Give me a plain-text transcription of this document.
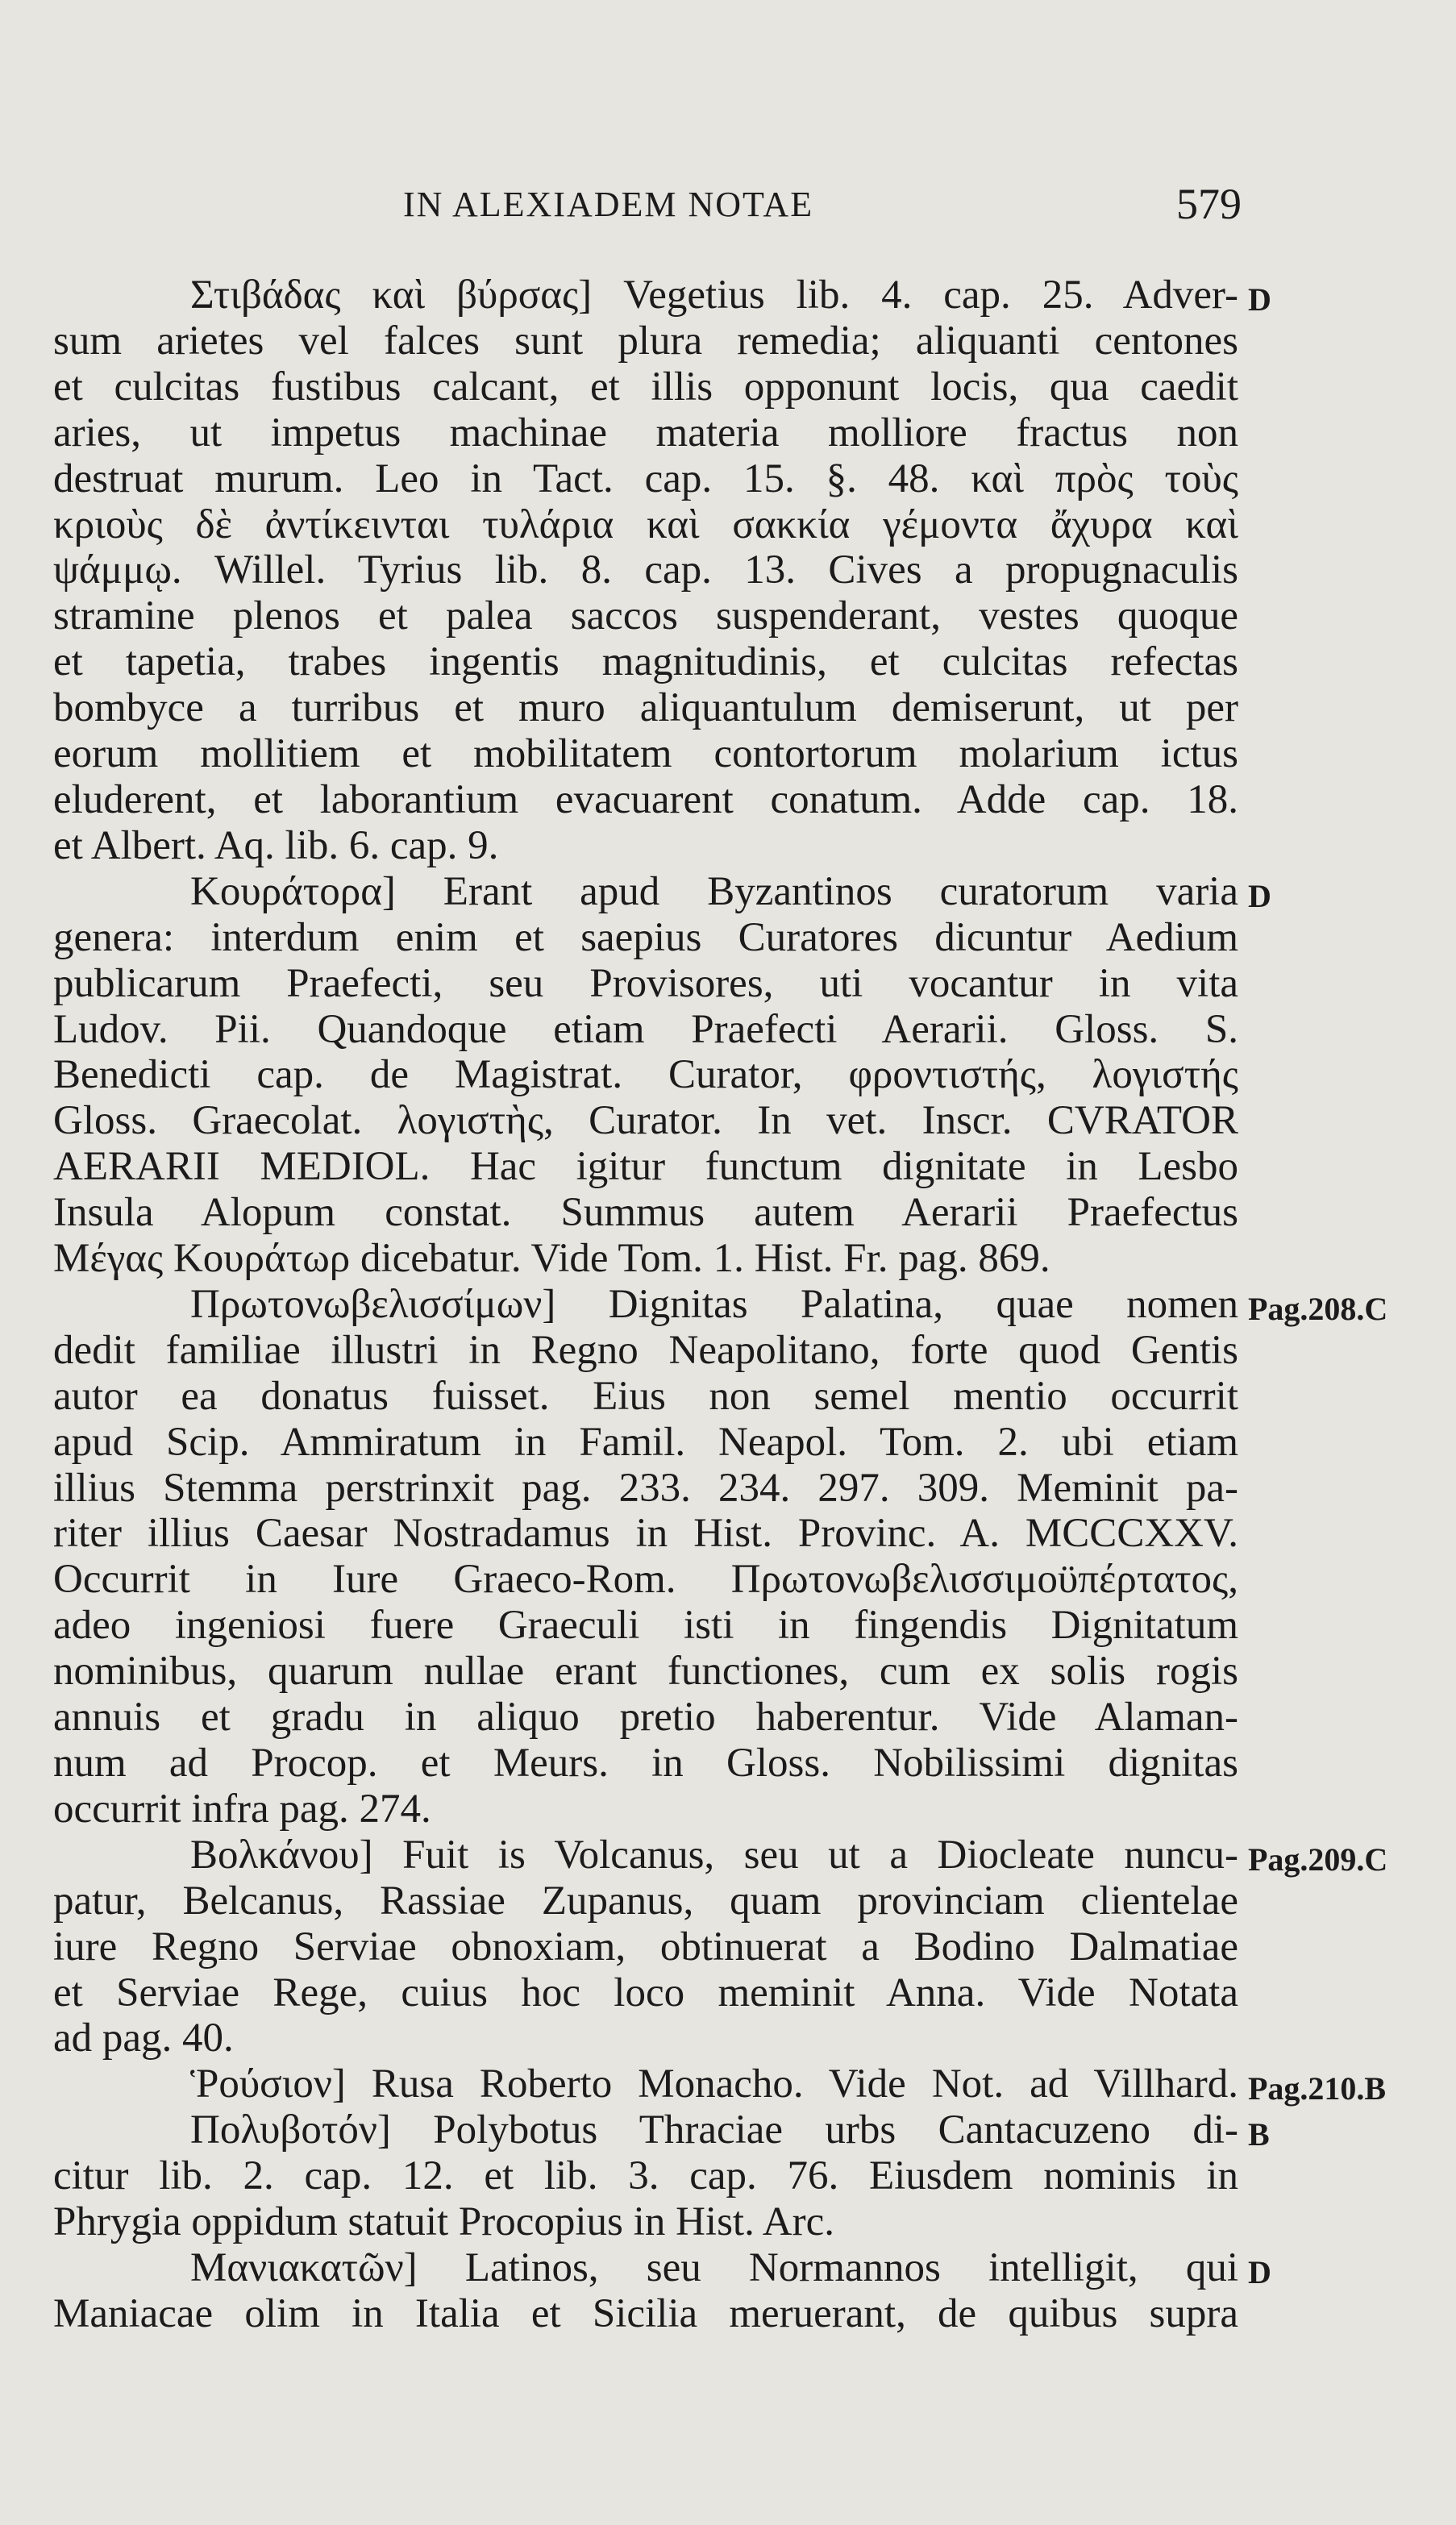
IN ALEXIADEM NOTAE	579
Στιβάδας καὶ βύρσας] Vegetius lib. 4. cap. 25. Adver-
sum arietes vel falces sunt plura remedia; aliquanti centones
et culcitas fustibus calcant, et illis opponunt locis, qua caedit
aries, ut impetus machinae materia molliore fractus non
destruat murum. Leo in Tact. cap. 15. §. 48. καὶ πρὸς τοὺς
κριοὺς δὲ ἀντίκεινται τυλάρια καὶ σακκία γέμοντα ἄχυρα καὶ
ψάμμῳ. Willel. Tyrius lib. 8. cap. 13. Cives a propugnaculis
stramine plenos et palea saccos suspenderant, vestes quoque
et tapetia, trabes ingentis magnitudinis, et culcitas refectas
bombyce a turribus et muro aliquantulum demiserunt, ut per
eorum mollitiem et mobilitatem contortorum molarium ictus
eluderent, et laborantium evacuarent conatum. Adde cap. 18.
et Albert. Aq. lib. 6. cap. 9.
Κουράτορα] Erant apud Byzantinos curatorum varia
genera: interdum enim et saepius Curatores dicuntur Aedium
publicarum Praefecti, seu Provisores, uti vocantur in vita
Ludov. Pii. Quandoque etiam Praefecti Aerarii. Gloss. S.
Benedicti cap. de Magistrat. Curator, φροντιστής, λογιστής
Gloss. Graecolat. λογιστὴς, Curator. In vet. Inscr. CVRATOR
AERARII MEDIOL. Hac igitur functum dignitate in Lesbo
Insula Alopum constat. Summus autem Aerarii Praefectus
Μέγας Κουράτωρ dicebatur. Vide Tom. 1. Hist. Fr. pag. 869.
Πρωτονωβελισσίμων] Dignitas Palatina, quae nomen
dedit familiae illustri in Regno Neapolitano, forte quod Gentis
autor ea donatus fuisset. Eius non semel mentio occurrit
apud Scip. Ammiratum in Famil. Neapol. Tom. 2. ubi etiam
illius Stemma perstrinxit pag. 233. 234. 297. 309. Meminit pa-
riter illius Caesar Nostradamus in Hist. Provinc. A. MCCCXXV.
Occurrit in Iure Graeco-Rom. Πρωτονωβελισσιμοϋπέρτατος,
adeo ingeniosi fuere Graeculi isti in fingendis Dignitatum
nominibus, quarum nullae erant functiones, cum ex solis rogis
annuis et gradu in aliquo pretio haberentur. Vide Alaman-
num ad Procop. et Meurs. in Gloss. Nobilissimi dignitas
occurrit infra pag. 274.
Βολκάνου] Fuit is Volcanus, seu ut a Diocleate nuncu-
patur, Belcanus, Rassiae Zupanus, quam provinciam clientelae
iure Regno Serviae obnoxiam, obtinuerat a Bodino Dalmatiae
et Serviae Rege, cuius hoc loco meminit Anna. Vide Notata
ad pag. 40.
Ῥούσιον] Rusa Roberto Monacho. Vide Not. ad Villhard.
Πολυβοτόν] Polybotus Thraciae urbs Cantacuzeno di-
citur lib. 2. cap. 12. et lib. 3. cap. 76. Eiusdem nominis in
Phrygia oppidum statuit Procopius in Hist. Arc.
Μανιακατῶν] Latinos, seu Normannos intelligit, qui
Maniacae olim in Italia et Sicilia meruerant, de quibus supra
D
D
Pag.208.C
Pag.209.C
Pag.210.B
B
D
